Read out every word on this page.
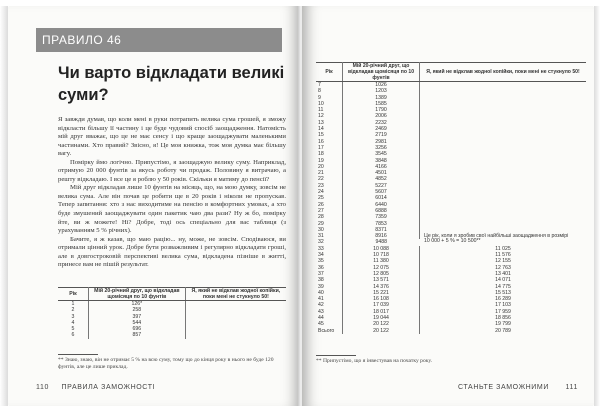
ПРАВИЛО 46
Чи варто відкладати великі суми?

Я завжди думав, що коли мені в руки потрапить велика сума грошей, я зможу відкласти більшу її частину і це буде чудовий спосіб заощадження. Натомість мій друг вважає, що це не має сенсу і що краще заощаджувати маленькими частинами. Хто правий? Звісно, я! Це моя книжка, тож моя думка має більшу вагу.

Помірку ймо логічно. Припустімо, я заощаджую велику суму. Наприклад, отримую 20 000 фунтів за якусь роботу чи продаж. Половину я витрачаю, а решту відкладаю. І все це я роблю у 50 років. Скільки я матиму до пенсії?

Мій друг відкладав лише 10 фунтів на місяць, що, на мою думку, зовсім не велика сума. Але він почав це робити ще в 20 років і ніколи не пропускав. Тепер запитання: хто з нас виходитиме на пенсію в комфортних умовах, а хто буде змушений заощаджувати один пакетик чаю два рази? Ну ж бо, помірку йте, ви ж можете! Ні? Добре, тоді ось спеціально для вас таблиця (з урахуванням 5 % річних).

Бачите, я ж казав, що маю рацію... ну, може, не зовсім. Сподіваюся, ви отримали цінний урок. Добре бути розважливим і регулярно відкладати гроші, але в довгостроковій перспективі велика сума, відкладена пізніше в житті, принесе вам не пішій результат.

Рік	Мій 20-річний друг, що відкладав щомісяця по 10 фунтів	Я, який не відклав жодної копійки, поки мені не стукнуло 50!
1	126*	
2	258	
3	397	
4	544	
5	696	
6	857	
** Знаю, знаю, він не отримає 5 % на всю суму, тому що до кінця року в нього не буде 120 фунтів, але це лише приклад.
110 ПРАВИЛА ЗАМОЖНОСТІ
Рік	Мій 20-річний друг, що відкладав щомісяця по 10 фунтів	Я, який не відклав жодної копійки, поки мені не стукнуло 50!
7	1026	
8	1203	
9	1389	
10	1585	
11	1790	
12	2006	
13	2232	
14	2469	
15	2719	
16	2981	
17	3256	
18	3545	
19	3848	
20	4166	
21	4501	
22	4852	
23	5227	
24	5607	
25	6014	
26	6440	
27	6888	
28	7359	
29	7853	
30	8371	
31	8916	Це рік, коли я зробив свої найбільші заощадження в розмірі
10 000 + 5 % = 10 500**

32	9488	
33	10 088	11 025
34	10 718	11 576
35	11 380	12 155
36	12 075	12 763
37	12 805	13 401
38	13 571	14 071
39	14 376	14 775
40	15 221	15 513
41	16 108	16 289
42	17 039	17 103
43	18 017	17 959
44	19 044	18 856
45	20 122	19 799
Всього	20 122	20 789
** Припустімо, що я інвестував на початку року.
СТАНЬТЕ ЗАМОЖНИМИ 111
